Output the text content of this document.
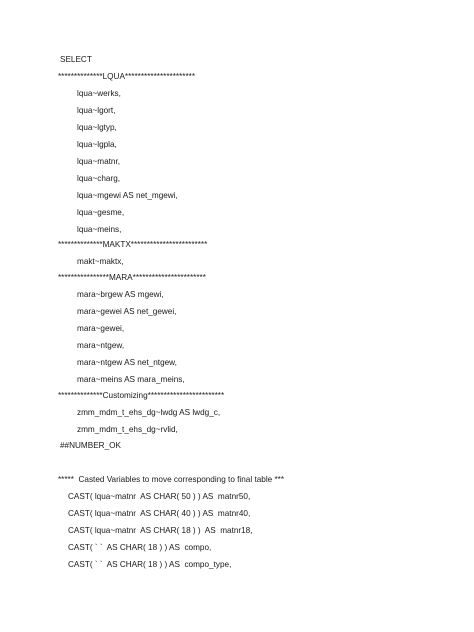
SELECT
**************LQUA**********************
lqua~werks,
lqua~lgort,
lqua~lgtyp,
lqua~lgpla,
lqua~matnr,
lqua~charg,
lqua~mgewi AS net_mgewi,
lqua~gesme,
lqua~meins,
**************MAKTX************************
makt~maktx,
****************MARA***********************
mara~brgew AS mgewi,
mara~gewei AS net_gewei,
mara~gewei,
mara~ntgew,
mara~ntgew AS net_ntgew,
mara~meins AS mara_meins,
**************Customizing************************
zmm_mdm_t_ehs_dg~lwdg AS lwdg_c,
zmm_mdm_t_ehs_dg~rvlid,
##NUMBER_OK
*****  Casted Variables to move corresponding to final table ***
CAST( lqua~matnr  AS CHAR( 50 ) ) AS  matnr50,
CAST( lqua~matnr  AS CHAR( 40 ) ) AS  matnr40,
CAST( lqua~matnr  AS CHAR( 18 ) )  AS  matnr18,
CAST( ` `  AS CHAR( 18 ) ) AS  compo,
CAST( ` `  AS CHAR( 18 ) ) AS  compo_type,
